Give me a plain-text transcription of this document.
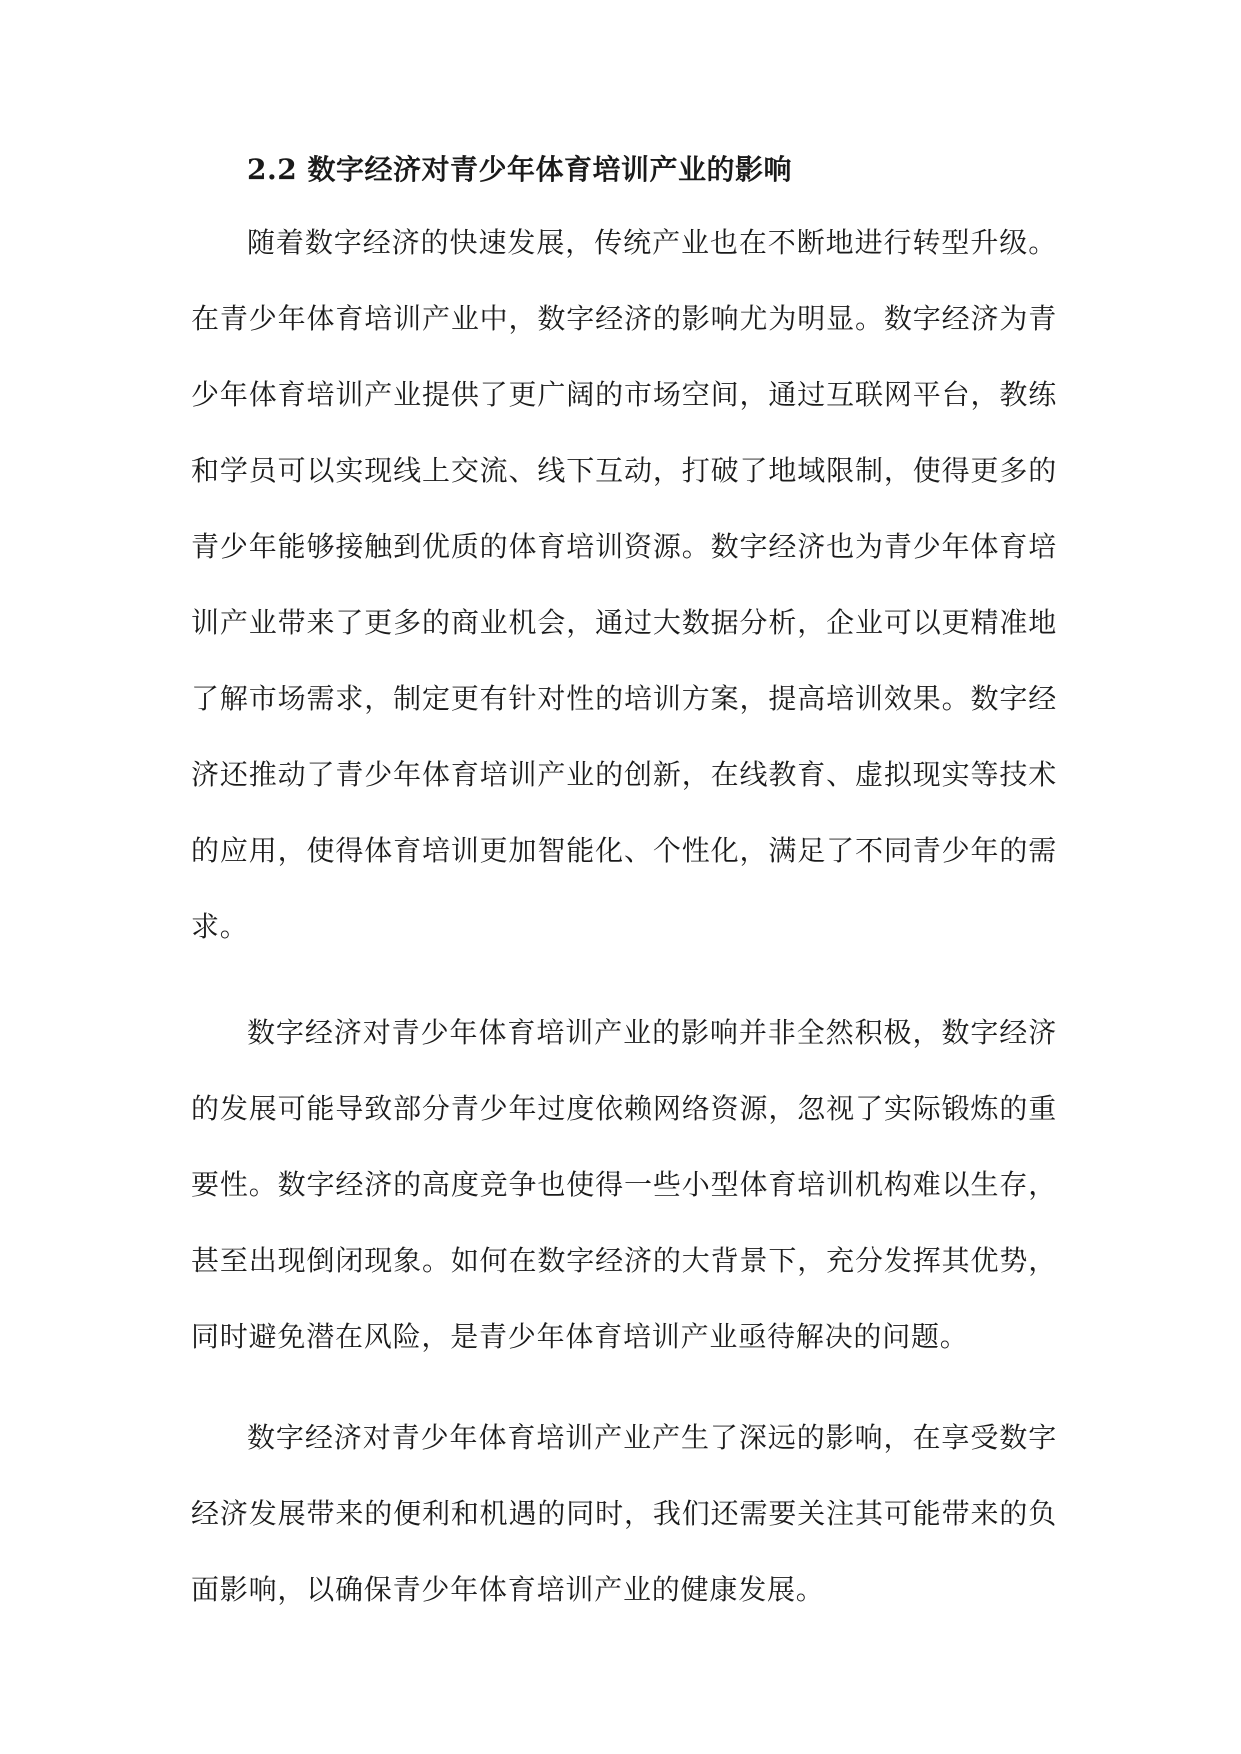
2.2 数字经济对青少年体育培训产业的影响

随着数字经济的快速发展，传统产业也在不断地进行转型升级。在青少年体育培训产业中，数字经济的影响尤为明显。数字经济为青少年体育培训产业提供了更广阔的市场空间，通过互联网平台，教练和学员可以实现线上交流、线下互动，打破了地域限制，使得更多的青少年能够接触到优质的体育培训资源。数字经济也为青少年体育培训产业带来了更多的商业机会，通过大数据分析，企业可以更精准地了解市场需求，制定更有针对性的培训方案，提高培训效果。数字经济还推动了青少年体育培训产业的创新，在线教育、虚拟现实等技术的应用，使得体育培训更加智能化、个性化，满足了不同青少年的需求。

数字经济对青少年体育培训产业的影响并非全然积极，数字经济的发展可能导致部分青少年过度依赖网络资源，忽视了实际锻炼的重要性。数字经济的高度竞争也使得一些小型体育培训机构难以生存，甚至出现倒闭现象。如何在数字经济的大背景下，充分发挥其优势，同时避免潜在风险，是青少年体育培训产业亟待解决的问题。

数字经济对青少年体育培训产业产生了深远的影响，在享受数字经济发展带来的便利和机遇的同时，我们还需要关注其可能带来的负面影响，以确保青少年体育培训产业的健康发展。
